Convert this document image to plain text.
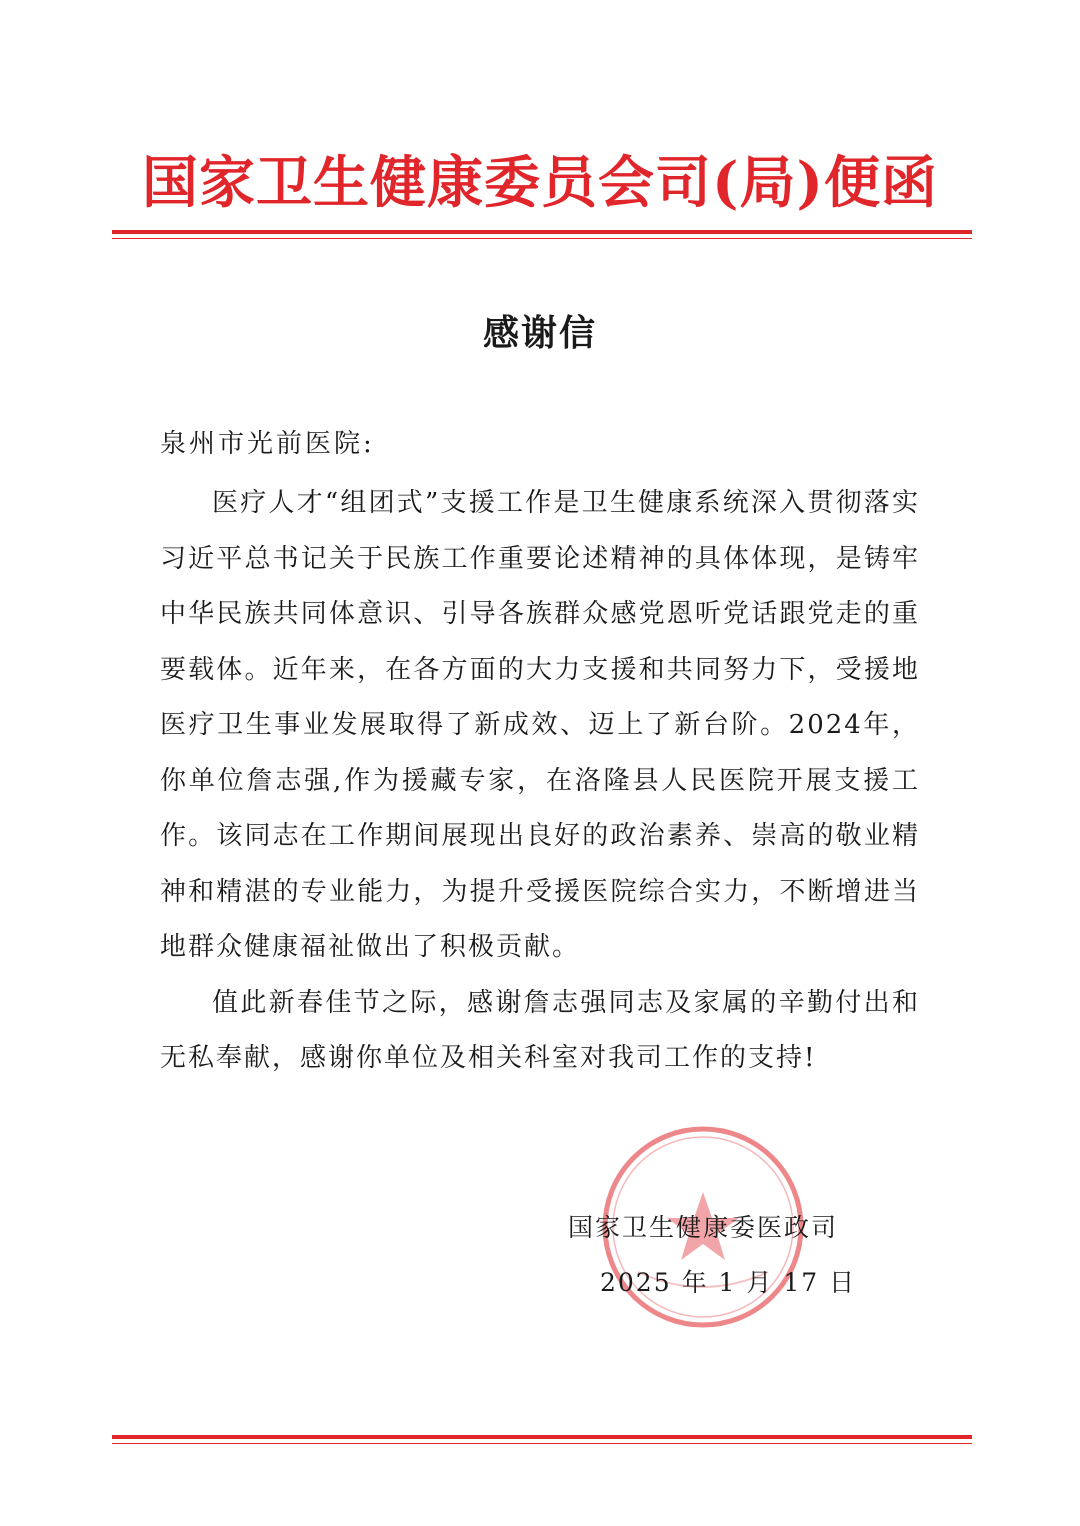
国家卫生健康委员会司(局)便函
感谢信
泉州市光前医院:

医疗人才“组团式”支援工作是卫生健康系统深入贯彻落实习近平总书记关于民族工作重要论述精神的具体体现，是铸牢中华民族共同体意识、引导各族群众感党恩听党话跟党走的重要载体。近年来，在各方面的大力支援和共同努力下，受援地医疗卫生事业发展取得了新成效、迈上了新台阶。2024年，你单位詹志强,作为援藏专家，在洛隆县人民医院开展支援工作。该同志在工作期间展现出良好的政治素养、崇高的敬业精神和精湛的专业能力，为提升受援医院综合实力，不断增进当地群众健康福祉做出了积极贡献。

值此新春佳节之际，感谢詹志强同志及家属的辛勤付出和无私奉献，感谢你单位及相关科室对我司工作的支持!

国家卫生健康委医政司
2025 年 1 月 17 日
